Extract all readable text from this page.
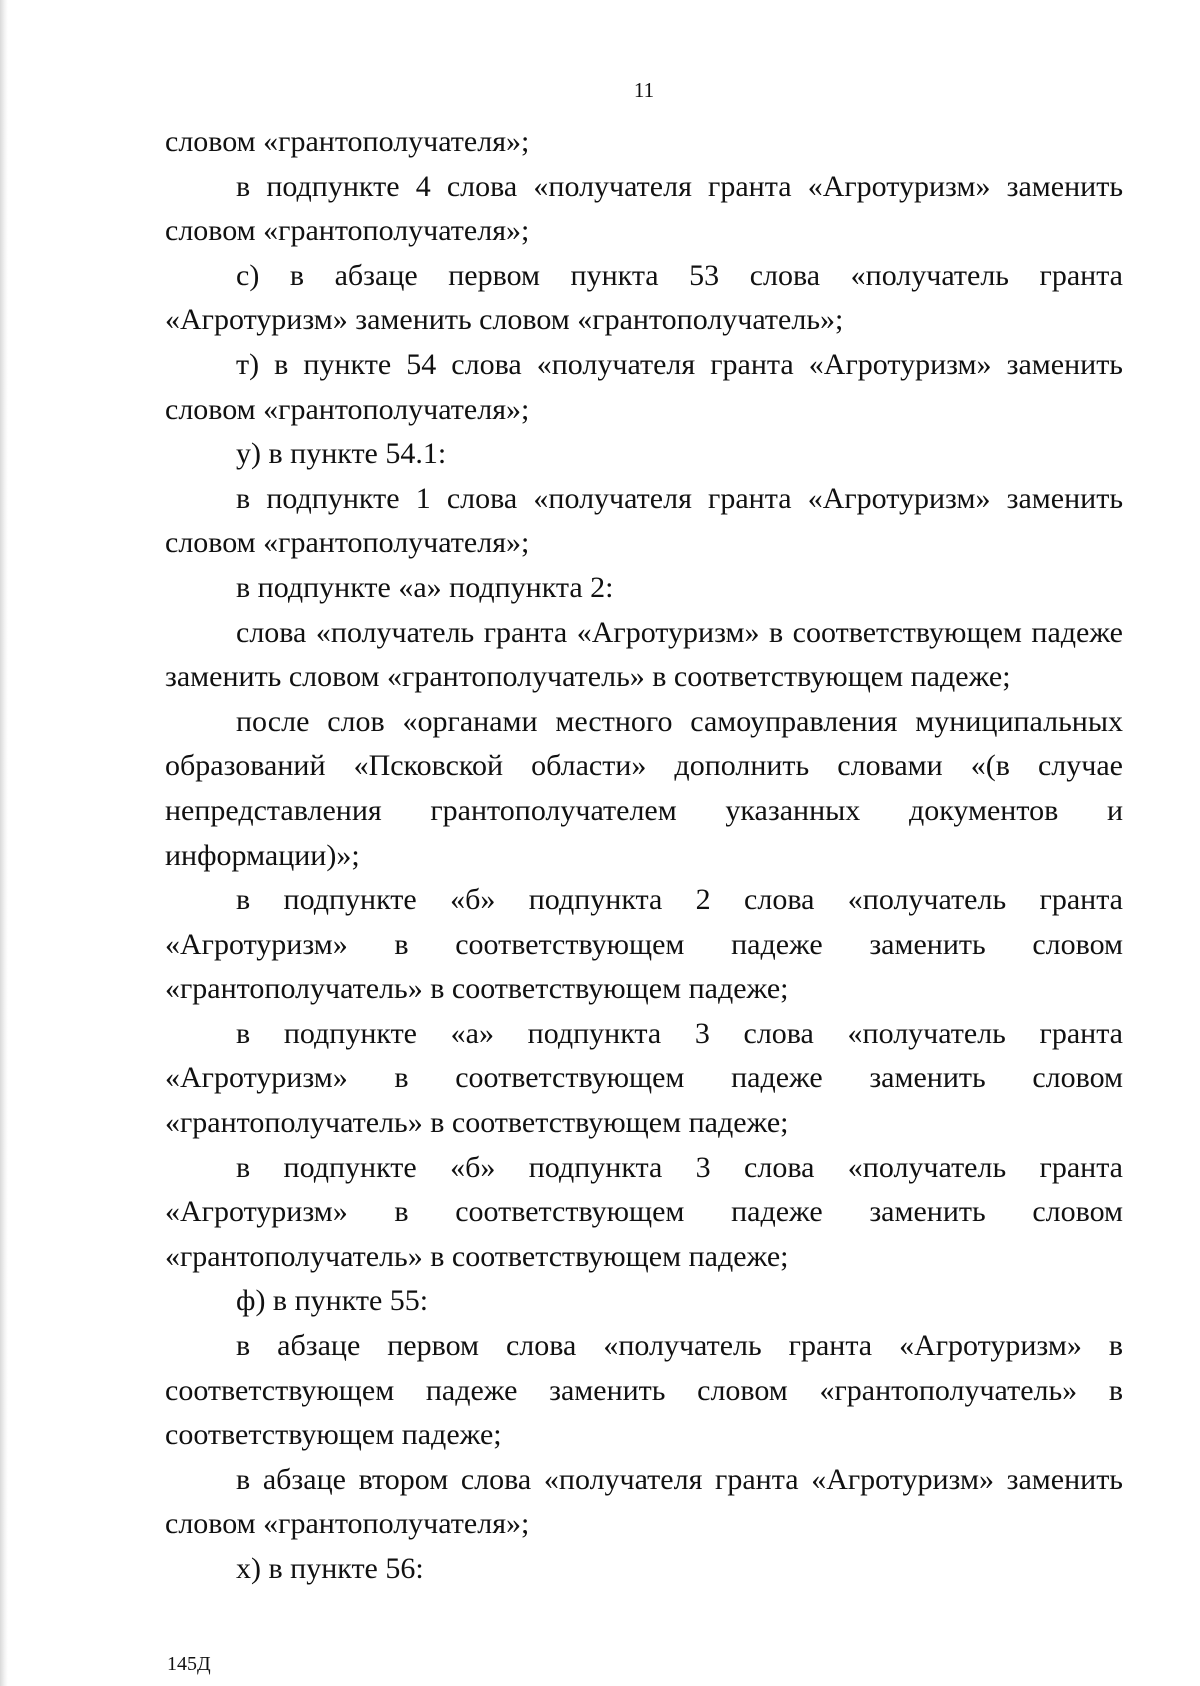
11

словом «грантополучателя»;

в подпункте 4 слова «получателя гранта «Агротуризм» заменить словом «грантополучателя»;

с) в абзаце первом пункта 53 слова «получатель гранта «Агротуризм» заменить словом «грантополучатель»;

т) в пункте 54 слова «получателя гранта «Агротуризм» заменить словом «грантополучателя»;

у) в пункте 54.1:

в подпункте 1 слова «получателя гранта «Агротуризм» заменить словом «грантополучателя»;

в подпункте «а» подпункта 2:

слова «получатель гранта «Агротуризм» в соответствующем падеже заменить словом «грантополучатель» в соответствующем падеже;

после слов «органами местного самоуправления муниципальных образований «Псковской области» дополнить словами «(в случае непредставления грантополучателем указанных документов и информации)»;

в подпункте «б» подпункта 2 слова «получатель гранта «Агротуризм» в соответствующем падеже заменить словом «грантополучатель» в соответствующем падеже;

в подпункте «а» подпункта 3 слова «получатель гранта «Агротуризм» в соответствующем падеже заменить словом «грантополучатель» в соответствующем падеже;

в подпункте «б» подпункта 3 слова «получатель гранта «Агротуризм» в соответствующем падеже заменить словом «грантополучатель» в соответствующем падеже;

ф) в пункте 55:

в абзаце первом слова «получатель гранта «Агротуризм» в соответствующем падеже заменить словом «грантополучатель» в соответствующем падеже;

в абзаце втором слова «получателя гранта «Агротуризм» заменить словом «грантополучателя»;

х) в пункте 56:

145Д
